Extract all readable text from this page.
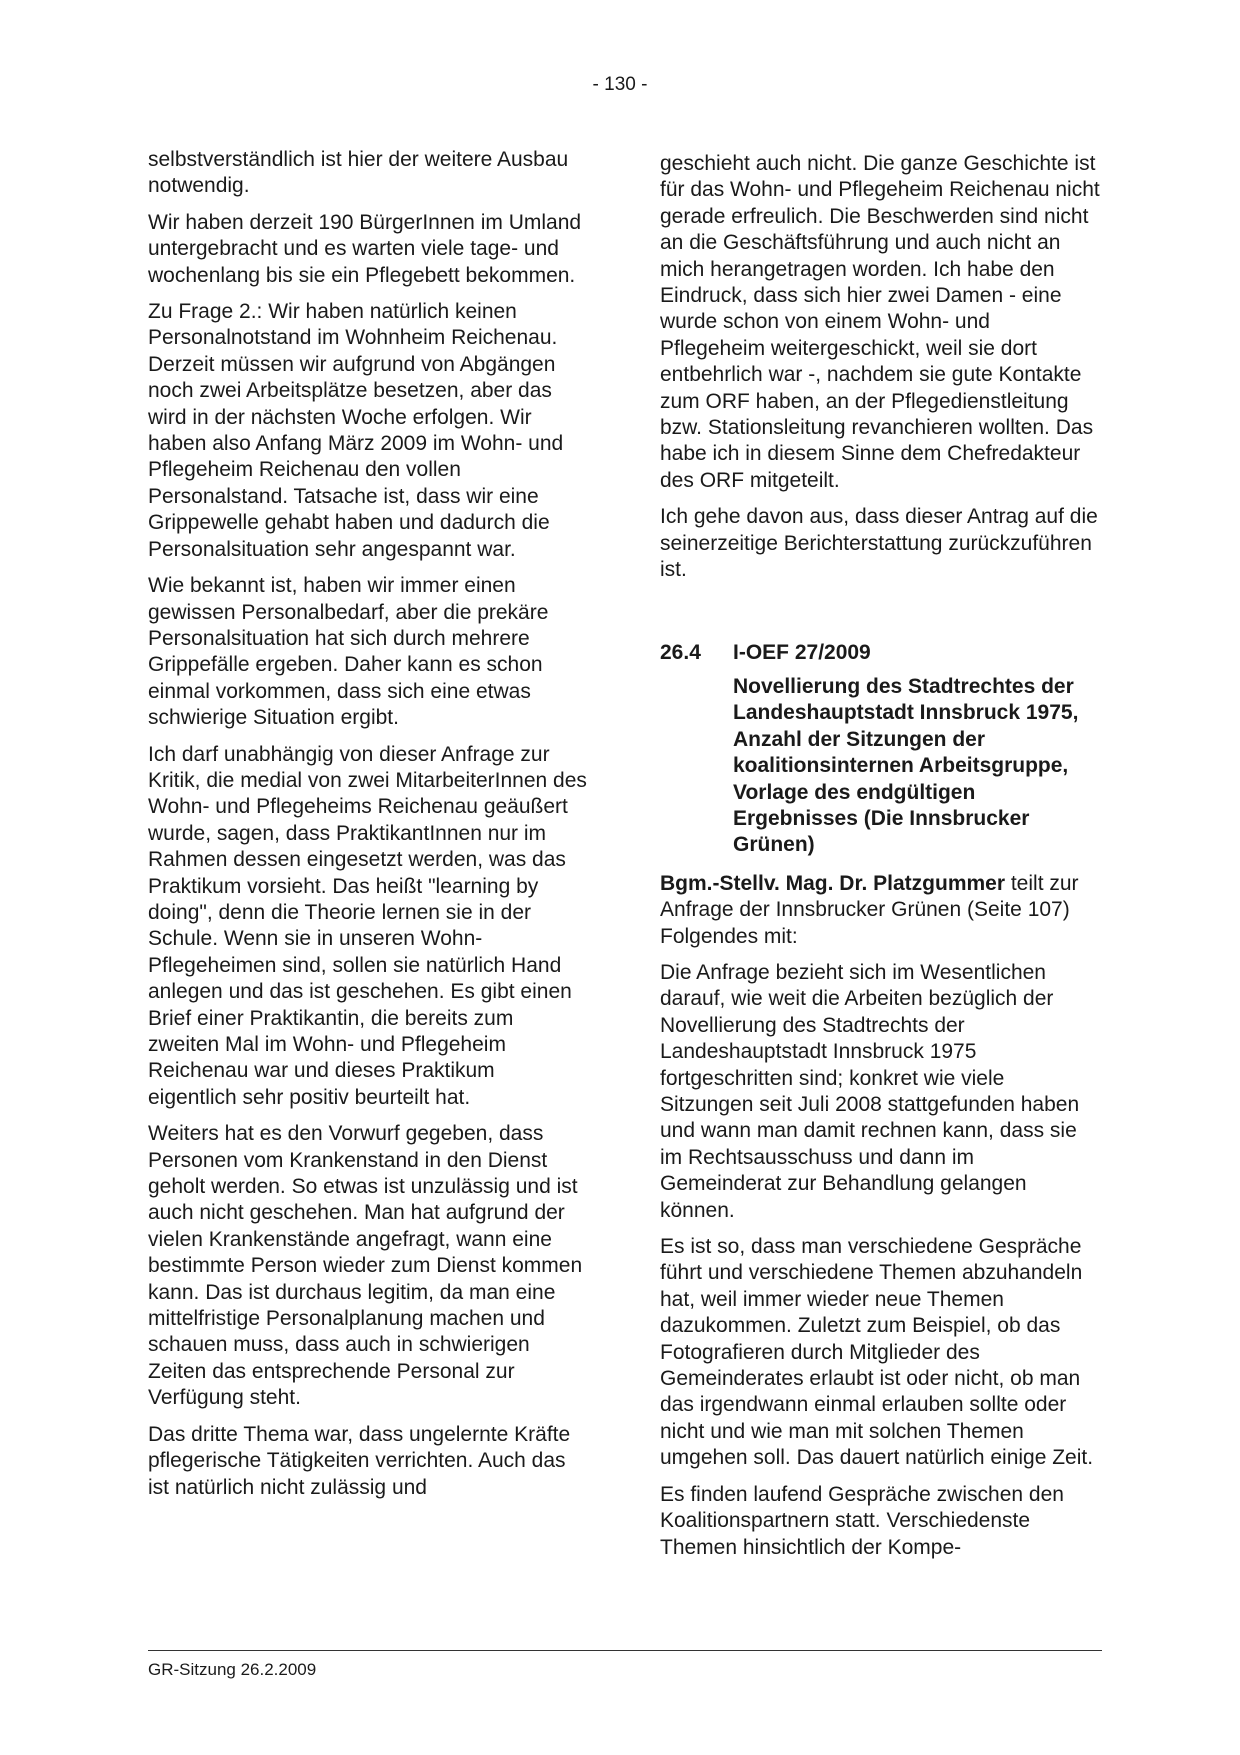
- 130 -

selbstverständlich ist hier der weitere Ausbau notwendig.

Wir haben derzeit 190 BürgerInnen im Umland untergebracht und es warten viele tage- und wochenlang bis sie ein Pflegebett bekommen.

Zu Frage 2.: Wir haben natürlich keinen Personalnotstand im Wohnheim Reichenau. Derzeit müssen wir aufgrund von Abgängen noch zwei Arbeitsplätze besetzen, aber das wird in der nächsten Woche erfolgen. Wir haben also Anfang März 2009 im Wohn- und Pflegeheim Reichenau den vollen Personalstand. Tatsache ist, dass wir eine Grippewelle gehabt haben und dadurch die Personalsituation sehr angespannt war.

Wie bekannt ist, haben wir immer einen gewissen Personalbedarf, aber die prekäre Personalsituation hat sich durch mehrere Grippefälle ergeben. Daher kann es schon einmal vorkommen, dass sich eine etwas schwierige Situation ergibt.

Ich darf unabhängig von dieser Anfrage zur Kritik, die medial von zwei MitarbeiterInnen des Wohn- und Pflegeheims Reichenau geäußert wurde, sagen, dass PraktikantInnen nur im Rahmen dessen eingesetzt werden, was das Praktikum vorsieht. Das heißt "learning by doing", denn die Theorie lernen sie in der Schule. Wenn sie in unseren Wohn- Pflegeheimen sind, sollen sie natürlich Hand anlegen und das ist geschehen. Es gibt einen Brief einer Praktikantin, die bereits zum zweiten Mal im Wohn- und Pflegeheim Reichenau war und dieses Praktikum eigentlich sehr positiv beurteilt hat.

Weiters hat es den Vorwurf gegeben, dass Personen vom Krankenstand in den Dienst geholt werden. So etwas ist unzulässig und ist auch nicht geschehen. Man hat aufgrund der vielen Krankenstände angefragt, wann eine bestimmte Person wieder zum Dienst kommen kann. Das ist durchaus legitim, da man eine mittelfristige Personalplanung machen und schauen muss, dass auch in schwierigen Zeiten das entsprechende Personal zur Verfügung steht.

Das dritte Thema war, dass ungelernte Kräfte pflegerische Tätigkeiten verrichten. Auch das ist natürlich nicht zulässig und

geschieht auch nicht. Die ganze Geschichte ist für das Wohn- und Pflegeheim Reichenau nicht gerade erfreulich. Die Beschwerden sind nicht an die Geschäftsführung und auch nicht an mich herangetragen worden. Ich habe den Eindruck, dass sich hier zwei Damen - eine wurde schon von einem Wohn- und Pflegeheim weitergeschickt, weil sie dort entbehrlich war -, nachdem sie gute Kontakte zum ORF haben, an der Pflegedienstleitung bzw. Stationsleitung revanchieren wollten. Das habe ich in diesem Sinne dem Chefredakteur des ORF mitgeteilt.

Ich gehe davon aus, dass dieser Antrag auf die seinerzeitige Berichterstattung zurückzuführen ist.

26.4	I-OEF 27/2009
Novellierung des Stadtrechtes der Landeshauptstadt Innsbruck 1975, Anzahl der Sitzungen der koalitionsinternen Arbeitsgruppe, Vorlage des endgültigen Ergebnisses (Die Innsbrucker Grünen)

Bgm.-Stellv. Mag. Dr. Platzgummer teilt zur Anfrage der Innsbrucker Grünen (Seite 107) Folgendes mit:

Die Anfrage bezieht sich im Wesentlichen darauf, wie weit die Arbeiten bezüglich der Novellierung des Stadtrechts der Landeshauptstadt Innsbruck 1975 fortgeschritten sind; konkret wie viele Sitzungen seit Juli 2008 stattgefunden haben und wann man damit rechnen kann, dass sie im Rechtsausschuss und dann im Gemeinderat zur Behandlung gelangen können.

Es ist so, dass man verschiedene Gespräche führt und verschiedene Themen abzuhandeln hat, weil immer wieder neue Themen dazukommen. Zuletzt zum Beispiel, ob das Fotografieren durch Mitglieder des Gemeinderates erlaubt ist oder nicht, ob man das irgendwann einmal erlauben sollte oder nicht und wie man mit solchen Themen umgehen soll. Das dauert natürlich einige Zeit.

Es finden laufend Gespräche zwischen den Koalitionspartnern statt. Verschiedenste Themen hinsichtlich der Kompe-

GR-Sitzung 26.2.2009
